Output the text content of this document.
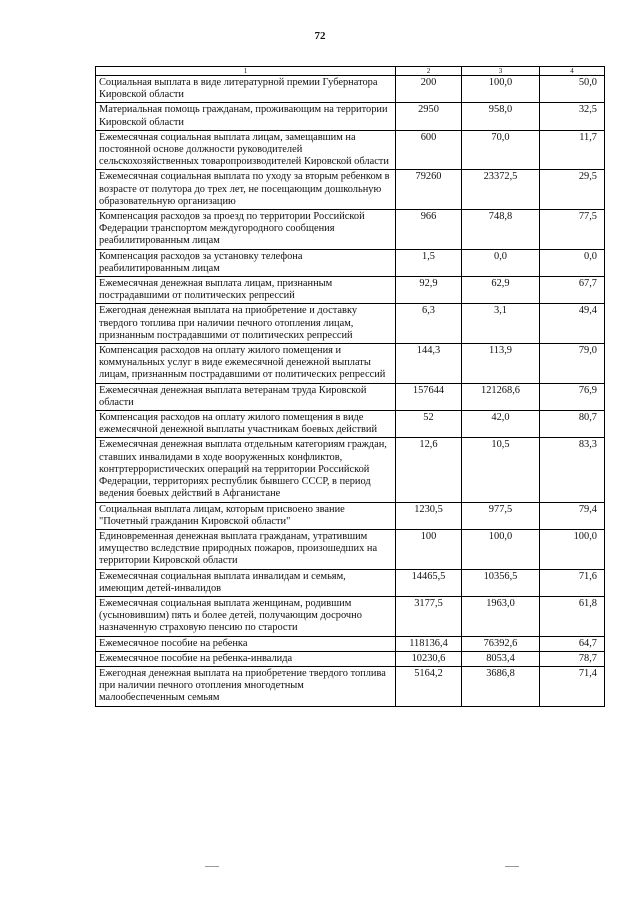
72
1	2	3	4
Социальная выплата в виде литературной премии Губернатора Кировской области	200	100,0	50,0
Материальная помощь гражданам, проживающим на территории Кировской области	2950	958,0	32,5
Ежемесячная социальная выплата лицам, замещавшим на постоянной основе должности руководителей сельскохозяйственных товаропроизводителей Кировской области	600	70,0	11,7
Ежемесячная социальная выплата по уходу за вторым ребенком в возрасте от полутора до трех лет, не посещающим дошкольную образовательную организацию	79260	23372,5	29,5
Компенсация расходов за проезд по территории Российской Федерации транспортом междугородного сообщения реабилитированным лицам	966	748,8	77,5
Компенсация расходов за установку телефона реабилитированным лицам	1,5	0,0	0,0
Ежемесячная денежная выплата лицам, признанным пострадавшими от политических репрессий	92,9	62,9	67,7
Ежегодная денежная выплата на приобретение и доставку твердого топлива при наличии печного отопления лицам, признанным пострадавшими от политических репрессий	6,3	3,1	49,4
Компенсация расходов на оплату жилого помещения и коммунальных услуг в виде ежемесячной денежной выплаты лицам, признанным пострадавшими от политических репрессий	144,3	113,9	79,0
Ежемесячная денежная выплата ветеранам труда Кировской области	157644	121268,6	76,9
Компенсация расходов на оплату жилого помещения в виде ежемесячной денежной выплаты участникам боевых действий	52	42,0	80,7
Ежемесячная денежная выплата отдельным категориям граждан, ставших инвалидами в ходе вооруженных конфликтов, контртеррористических операций на территории Российской Федерации, территориях республик бывшего СССР, в период ведения боевых действий в Афганистане	12,6	10,5	83,3
Социальная выплата лицам, которым присвоено звание "Почетный гражданин Кировской области"	1230,5	977,5	79,4
Единовременная денежная выплата гражданам, утратившим имущество вследствие природных пожаров, произошедших на территории Кировской области	100	100,0	100,0
Ежемесячная социальная выплата инвалидам и семьям, имеющим детей-инвалидов	14465,5	10356,5	71,6
Ежемесячная социальная выплата женщинам, родившим (усыновившим) пять и более детей, получающим досрочно назначенную страховую пенсию по старости	3177,5	1963,0	61,8
Ежемесячное пособие на ребенка	118136,4	76392,6	64,7
Ежемесячное пособие на ребенка-инвалида	10230,6	8053,4	78,7
Ежегодная денежная выплата на приобретение твердого топлива при наличии печного отопления многодетным малообеспеченным семьям	5164,2	3686,8	71,4
